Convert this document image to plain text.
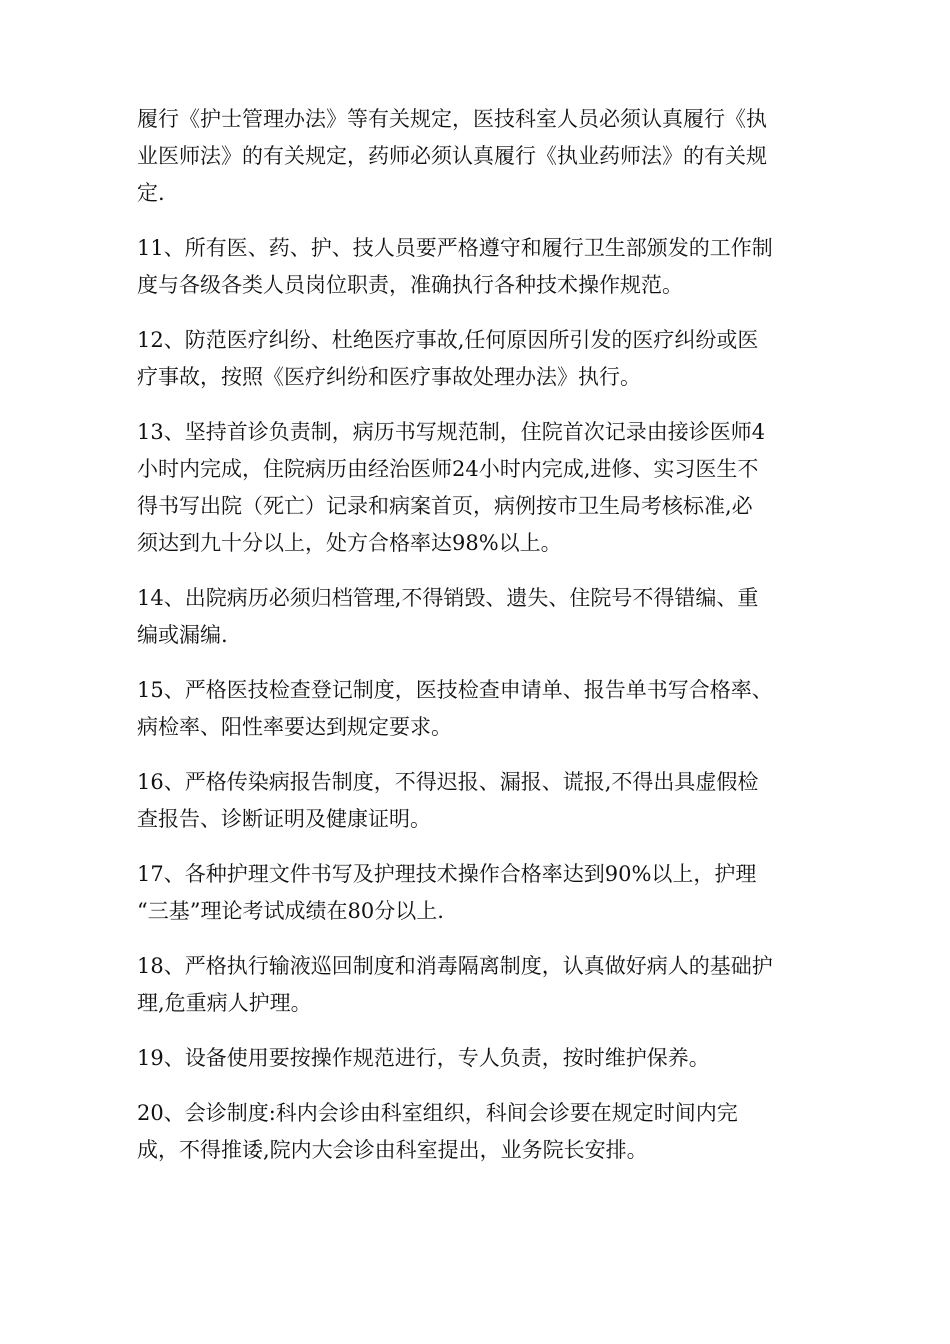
履行《护士管理办法》等有关规定，医技科室人员必须认真履行《执
业医师法》的有关规定，药师必须认真履行《执业药师法》的有关规
定.
11、所有医、药、护、技人员要严格遵守和履行卫生部颁发的工作制
度与各级各类人员岗位职责，准确执行各种技术操作规范。
12、防范医疗纠纷、杜绝医疗事故,任何原因所引发的医疗纠纷或医
疗事故，按照《医疗纠纷和医疗事故处理办法》执行。
13、坚持首诊负责制，病历书写规范制，住院首次记录由接诊医师4
小时内完成，住院病历由经治医师24小时内完成,进修、实习医生不
得书写出院（死亡）记录和病案首页，病例按市卫生局考核标准,必
须达到九十分以上，处方合格率达98%以上。
14、出院病历必须归档管理,不得销毁、遗失、住院号不得错编、重
编或漏编.
15、严格医技检查登记制度，医技检查申请单、报告单书写合格率、
病检率、阳性率要达到规定要求。
16、严格传染病报告制度，不得迟报、漏报、谎报,不得出具虚假检
查报告、诊断证明及健康证明。
17、各种护理文件书写及护理技术操作合格率达到90%以上，护理
“三基”理论考试成绩在80分以上.
18、严格执行输液巡回制度和消毒隔离制度，认真做好病人的基础护
理,危重病人护理。
19、设备使用要按操作规范进行，专人负责，按时维护保养。
20、会诊制度:科内会诊由科室组织，科间会诊要在规定时间内完
成，不得推诿,院内大会诊由科室提出，业务院长安排。
